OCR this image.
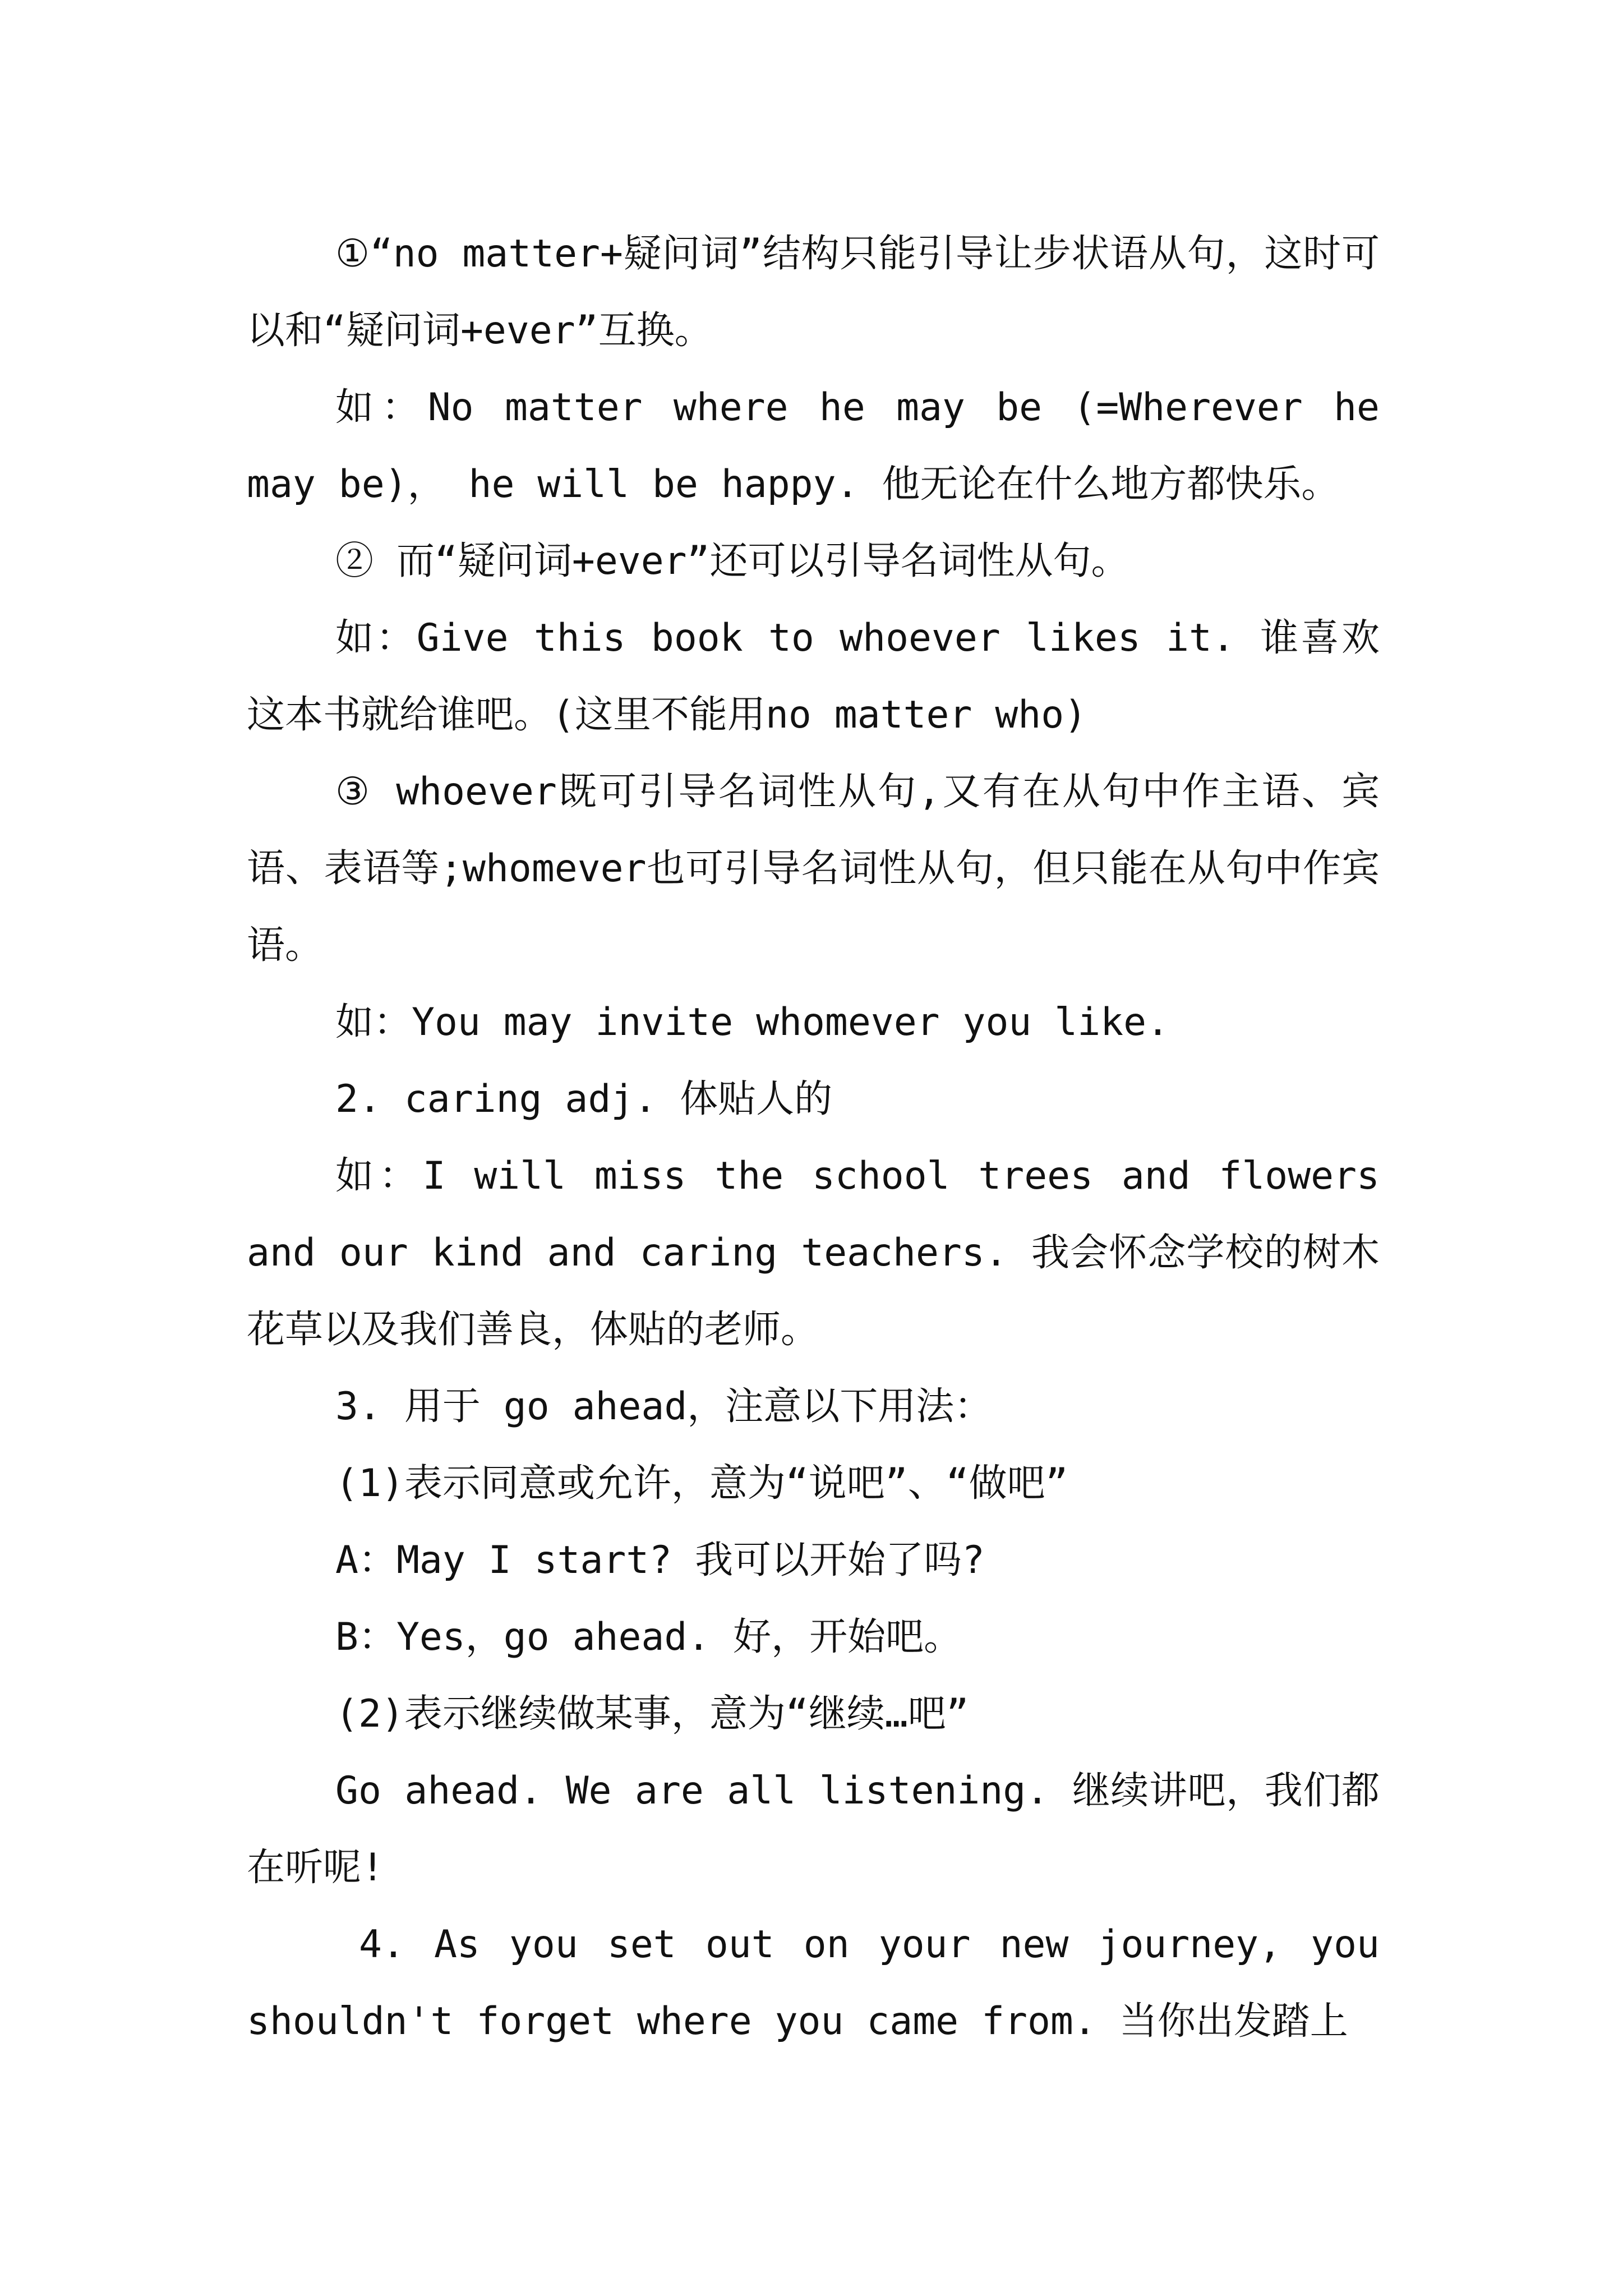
①“no matter+疑问词”结构只能引导让步状语从句，这时可以和“疑问词+ever”互换。

如：No matter where he may be (=Wherever he may be)， he will be happy. 他无论在什么地方都快乐。

② 而“疑问词+ever”还可以引导名词性从句。

如：Give this book to whoever likes it. 谁喜欢这本书就给谁吧。(这里不能用no matter who)

③ whoever既可引导名词性从句,又有在从句中作主语、宾语、表语等;whomever也可引导名词性从句，但只能在从句中作宾语。

如：You may invite whomever you like.

2. caring adj. 体贴人的

如：I will miss the school trees and flowers and our kind and caring teachers. 我会怀念学校的树木花草以及我们善良，体贴的老师。

3. 用于 go ahead，注意以下用法：

(1)表示同意或允许，意为“说吧”、“做吧”

A：May I start? 我可以开始了吗?

B：Yes，go ahead. 好，开始吧。

(2)表示继续做某事，意为“继续…吧”

Go ahead. We are all listening. 继续讲吧，我们都在听呢!

4. As you set out on your new journey, you shouldn't forget where you came from. 当你出发踏上
